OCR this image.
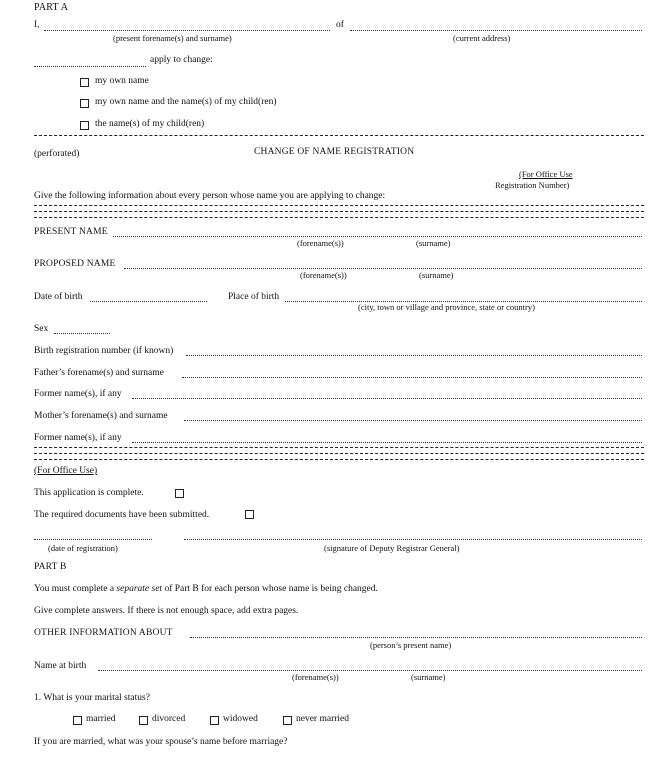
PART A
I,	of
(present forename(s) and surname)	(current address)
apply to change:
my own name
my own name and the name(s) of my child(ren)
the name(s) of my child(ren)
(perforated)	CHANGE OF NAME REGISTRATION
(For Office Use
Registration Number)
Give the following information about every person whose name you are applying to change:
PRESENT NAME
(forename(s))	(surname)
PROPOSED NAME
(forename(s))	(surname)
Date of birth	Place of birth
(city, town or village and province, state or country)
Sex
Birth registration number (if known)
Father’s forename(s) and surname
Former name(s), if any
Mother’s forename(s) and surname
Former name(s), if any
(For Office Use)
This application is complete.
The required documents have been submitted.
(date of registration)	(signature of Deputy Registrar General)
PART B
You must complete a separate set of Part B for each person whose name is being changed.
Give complete answers. If there is not enough space, add extra pages.
OTHER INFORMATION ABOUT
(person’s present name)
Name at birth
(forename(s))	(surname)
1. What is your marital status?
married	divorced	widowed	never married
If you are married, what was your spouse’s name before marriage?
